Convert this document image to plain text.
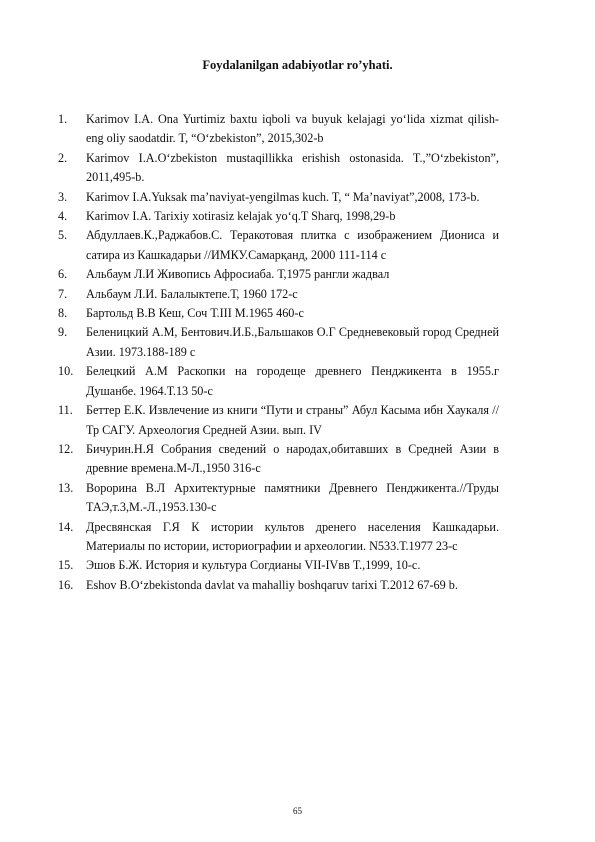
Foydalanilgan adabiyotlar ro’yhati.
1. Karimov I.A. Ona Yurtimiz baxtu iqboli va buyuk kelajagi yo‘lida xizmat qilish- eng oliy saodatdir. T, “O‘zbekiston”, 2015,302-b
2. Karimov I.A.O‘zbekiston mustaqillikka erishish ostonasida. T.,”O‘zbekiston”, 2011,495-b.
3. Karimov I.A.Yuksak ma’naviyat-yengilmas kuch. T, “ Ma’naviyat”,2008, 173-b.
4. Karimov I.A. Tarixiy xotirasiz kelajak yo‘q.T Sharq, 1998,29-b
5. Абдуллаев.К.,Раджабов.С. Теракотовая плитка с изображением Диониса и сатира из Кашкадарьи //ИМКУ.Самарқанд, 2000 111-114 с
6. Альбаум Л.И Живопись Афросиаба. Т,1975 рангли жадвал
7. Альбаум Л.И. Балалыктепе.Т, 1960 172-с
8. Бартольд В.В Кеш, Соч Т.III М.1965 460-с
9. Беленицкий А.М, Бентович.И.Б.,Бальшаков О.Г Средневековый город Средней Азии. 1973.188-189 с
10. Белецкий А.М Раскопки на городеще древнего Пенджикента в 1955.г Душанбе. 1964.Т.13 50-с
11. Беттер Е.К. Извлечение из книги “Пути и страны” Абул Касыма ибн Хаукаля // Тр САГУ. Археология Средней Азии. вып. IV
12. Бичурин.Н.Я Собрания сведений о народах,обитавших в Средней Азии в древние времена.М-Л.,1950 316-с
13. Ворорина В.Л Архитектурные памятники Древнего Пенджикента.//Труды ТАЭ,т.3,М.-Л.,1953.130-с
14. Дресвянская Г.Я К истории культов дренего населения Кашкадарьи. Материалы по истории, историографии и археологии. N533.Т.1977 23-с
15. Эшов Б.Ж. История и культура Согдианы VII-IVвв Т.,1999, 10-с.
16. Eshov B.O‘zbekistonda davlat va mahalliy boshqaruv tarixi T.2012 67-69 b.
65
